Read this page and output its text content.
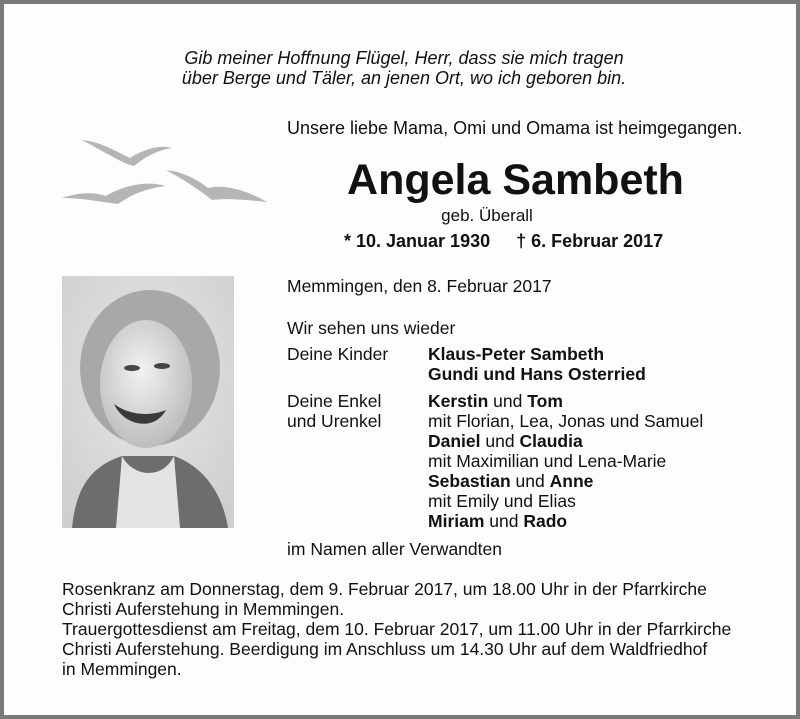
Gib meiner Hoffnung Flügel, Herr, dass sie mich tragen
über Berge und Täler, an jenen Ort, wo ich geboren bin.
Unsere liebe Mama, Omi und Omama ist heimgegangen.
Angela Sambeth
geb. Überall
* 10. Januar 1930 † 6. Februar 2017
Memmingen, den 8. Februar 2017
Wir sehen uns wieder
Deine Kinder Klaus-Peter Sambeth
Gundi und Hans Osterried
Deine Enkel
und Urenkel
Kerstin und Tom
mit Florian, Lea, Jonas und Samuel
Daniel und Claudia
mit Maximilian und Lena-Marie
Sebastian und Anne
mit Emily und Elias
Miriam und Rado
im Namen aller Verwandten
Rosenkranz am Donnerstag, dem 9. Februar 2017, um 18.00 Uhr in der Pfarrkirche
Christi Auferstehung in Memmingen.
Trauergottesdienst am Freitag, dem 10. Februar 2017, um 11.00 Uhr in der Pfarrkirche
Christi Auferstehung. Beerdigung im Anschluss um 14.30 Uhr auf dem Waldfriedhof
in Memmingen.
